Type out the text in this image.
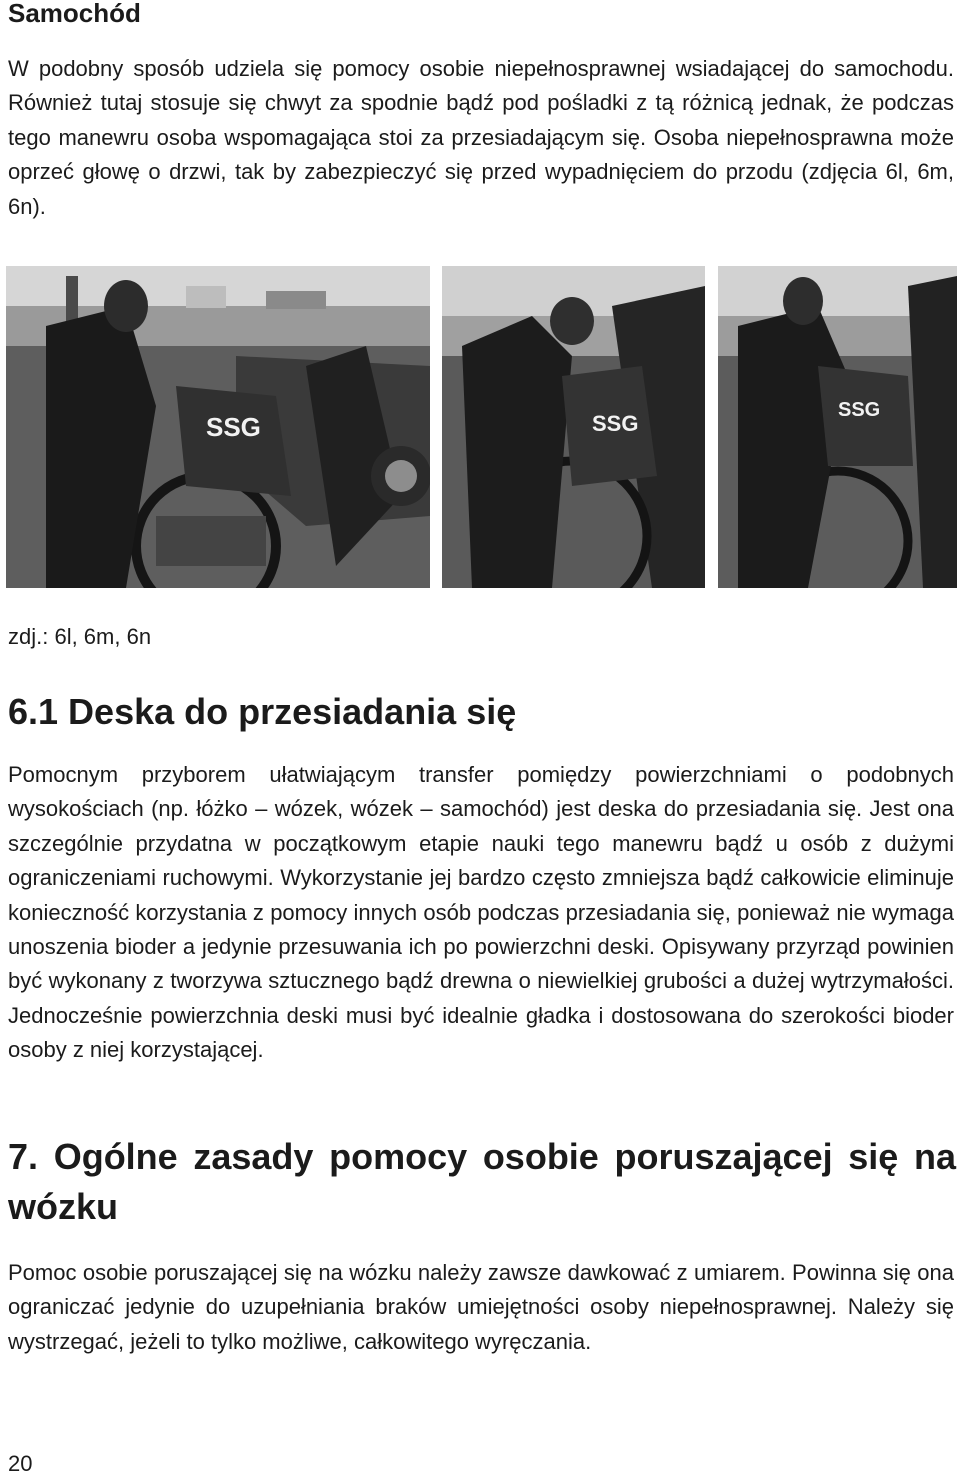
Samochód

W podobny sposób udziela się pomocy osobie niepełnosprawnej wsiadającej do samochodu. Również tutaj stosuje się chwyt za spodnie bądź pod pośladki z tą różnicą jednak, że podczas tego manewru osoba wspomagająca stoi za przesiadającym się. Osoba niepełnosprawna może oprzeć głowę o drzwi, tak by zabezpieczyć się przed wypadnięciem do przodu (zdjęcia 6l, 6m, 6n).

SSG	SSG
SSG

zdj.: 6l, 6m, 6n

6.1 Deska do przesiadania się

Pomocnym przyborem ułatwiającym transfer pomiędzy powierzchniami o podobnych wysokościach (np. łóżko – wózek, wózek – samochód) jest deska do przesiadania się. Jest ona szczególnie przydatna w początkowym etapie nauki tego manewru bądź u osób z dużymi ograniczeniami ruchowymi. Wykorzystanie jej bardzo często zmniejsza bądź całkowicie eliminuje konieczność korzystania z pomocy innych osób podczas przesiadania się, ponieważ nie wymaga unoszenia bioder a jedynie przesuwania ich po powierzchni deski. Opisywany przyrząd powinien być wykonany z tworzywa sztucznego bądź drewna o niewielkiej grubości a dużej wytrzymałości. Jednocześnie powierzchnia deski musi być idealnie gładka i dostosowana do szerokości bioder osoby z niej korzystającej.

7. Ogólne zasady pomocy osobie poruszającej się na wózku

Pomoc osobie poruszającej się na wózku należy zawsze dawkować z umiarem. Powinna się ona ograniczać jedynie do uzupełniania braków umiejętności osoby niepełnosprawnej. Należy się wystrzegać, jeżeli to tylko możliwe, całkowitego wyręczania.

20
